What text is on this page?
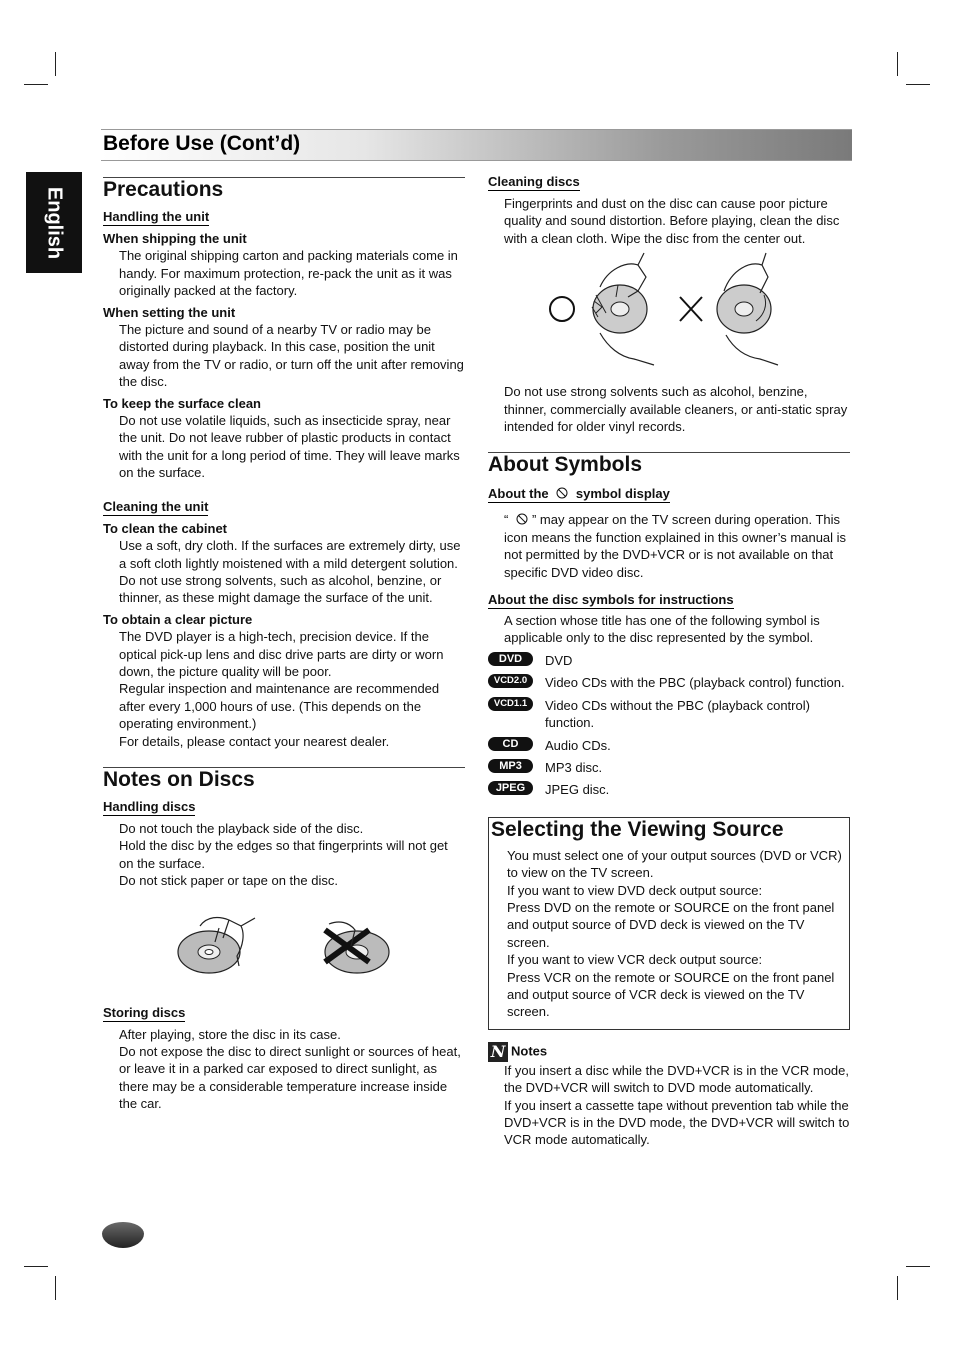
Before Use (Cont’d)
English Precautions
Handling the unit
When shipping the unit
The original shipping carton and packing materials come in handy. For maximum protection, re-pack the unit as it was originally packed at the factory.
When setting the unit
The picture and sound of a nearby TV or radio may be distorted during playback. In this case, position the unit away from the TV or radio, or turn off the unit after removing the disc.
To keep the surface clean
Do not use volatile liquids, such as insecticide spray, near the unit. Do not leave rubber of plastic products in contact with the unit for a long period of time. They will leave marks on the surface.
Cleaning the unit
To clean the cabinet
Use a soft, dry cloth. If the surfaces are extremely dirty, use a soft cloth lightly moistened with a mild detergent solution. Do not use strong solvents, such as alcohol, benzine, or thinner, as these might damage the surface of the unit.
To obtain a clear picture
The DVD player is a high-tech, precision device. If the optical pick-up lens and disc drive parts are dirty or worn down, the picture quality will be poor.
Regular inspection and maintenance are recommended after every 1,000 hours of use. (This depends on the operating environment.)
For details, please contact your nearest dealer.
Notes on Discs
Handling discs
Do not touch the playback side of the disc.
Hold the disc by the edges so that fingerprints will not get on the surface.
Do not stick paper or tape on the disc.
Storing discs
After playing, store the disc in its case.
Do not expose the disc to direct sunlight or sources of heat, or leave it in a parked car exposed to direct sunlight, as there may be a considerable temperature increase inside the car.
Cleaning discs
Fingerprints and dust on the disc can cause poor picture quality and sound distortion. Before playing, clean the disc with a clean cloth. Wipe the disc from the center out.
Do not use strong solvents such as alcohol, benzine, thinner, commercially available cleaners, or anti-static spray intended for older vinyl records.
About Symbols
About the symbol display
“ ” may appear on the TV screen during operation. This icon means the function explained in this owner’s manual is not permitted by the DVD+VCR or is not available on that specific DVD video disc.
About the disc symbols for instructions
A section whose title has one of the following symbol is applicable only to the disc represented by the symbol.
DVD	DVD
VCD2.0	Video CDs with the PBC (playback control) function.
VCD1.1	Video CDs without the PBC (playback control) function.
CD	Audio CDs.
MP3	MP3 disc.
JPEG	JPEG disc.
Selecting the Viewing Source
You must select one of your output sources (DVD or VCR) to view on the TV screen.
If you want to view DVD deck output source:
Press DVD on the remote or SOURCE on the front panel and output source of DVD deck is viewed on the TV screen.
If you want to view VCR deck output source:
Press VCR on the remote or SOURCE on the front panel and output source of VCR deck is viewed on the TV screen.
N Notes
If you insert a disc while the DVD+VCR is in the VCR mode, the DVD+VCR will switch to DVD mode automatically.
If you insert a cassette tape without prevention tab while the DVD+VCR is in the DVD mode, the DVD+VCR will switch to VCR mode automatically.
